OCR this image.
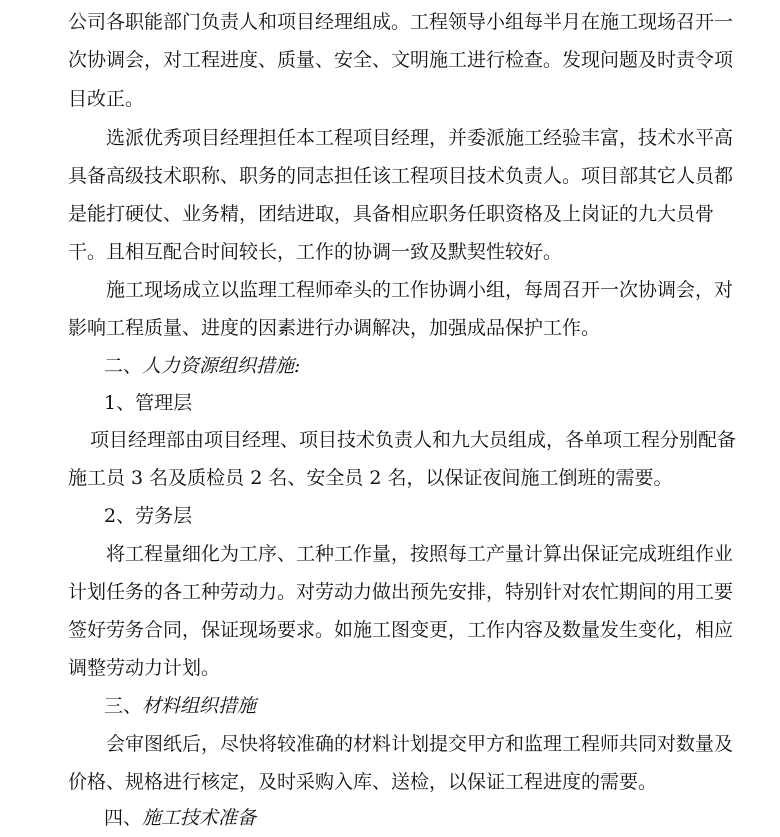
公司各职能部门负责人和项目经理组成。工程领导小组每半月在施工现场召开一
次协调会，对工程进度、质量、安全、文明施工进行检查。发现问题及时责令项
目改正。
选派优秀项目经理担任本工程项目经理，并委派施工经验丰富，技术水平高
具备高级技术职称、职务的同志担任该工程项目技术负责人。项目部其它人员都
是能打硬仗、业务精，团结进取，具备相应职务任职资格及上岗证的九大员骨
干。且相互配合时间较长，工作的协调一致及默契性较好。
施工现场成立以监理工程师牵头的工作协调小组，每周召开一次协调会，对
影响工程质量、进度的因素进行办调解决，加强成品保护工作。
二、人力资源组织措施:
1、管理层
项目经理部由项目经理、项目技术负责人和九大员组成，各单项工程分别配备
施工员 3 名及质检员 2 名、安全员 2 名，以保证夜间施工倒班的需要。
2、劳务层
将工程量细化为工序、工种工作量，按照每工产量计算出保证完成班组作业
计划任务的各工种劳动力。对劳动力做出预先安排，特别针对农忙期间的用工要
签好劳务合同，保证现场要求。如施工图变更，工作内容及数量发生变化，相应
调整劳动力计划。
三、材料组织措施
会审图纸后，尽快将较准确的材料计划提交甲方和监理工程师共同对数量及
价格、规格进行核定，及时采购入库、送检，以保证工程进度的需要。
四、施工技术准备
